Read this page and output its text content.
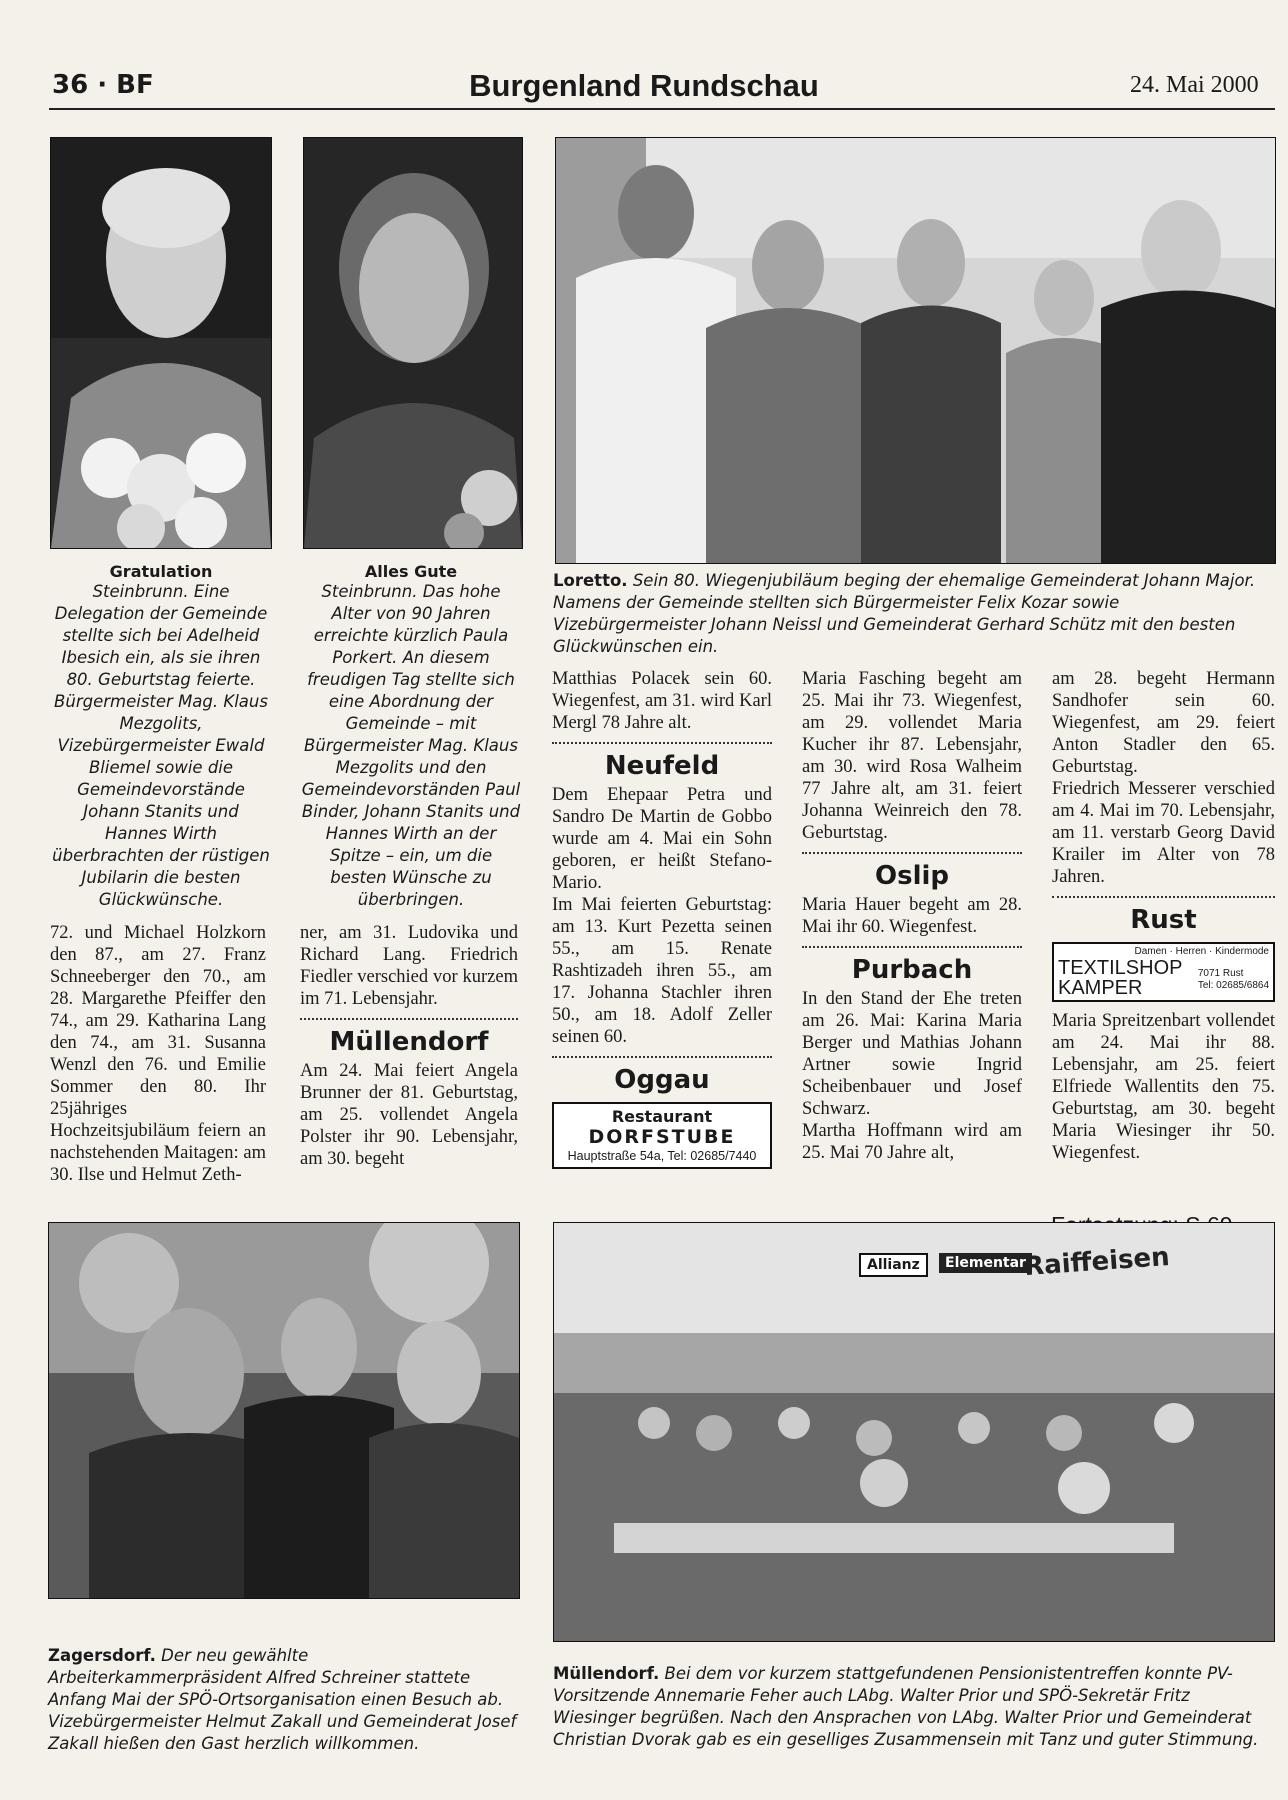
36 · BF	Burgenland Rundschau	24. Mai 2000
Gratulation
Steinbrunn. Eine Delegation der Gemeinde stellte sich bei Adelheid Ibesich ein, als sie ihren 80. Geburtstag feierte. Bürgermeister Mag. Klaus Mezgolits, Vizebürgermeister Ewald Bliemel sowie die Gemeindevorstände Johann Stanits und Hannes Wirth überbrachten der rüstigen Jubilarin die besten Glückwünsche.
Alles Gute
Steinbrunn. Das hohe Alter von 90 Jahren erreichte kürzlich Paula Porkert. An diesem freudigen Tag stellte sich eine Abordnung der Gemeinde – mit Bürgermeister Mag. Klaus Mezgolits und den Gemeindevorständen Paul Binder, Johann Stanits und Hannes Wirth an der Spitze – ein, um die besten Wünsche zu überbringen.
Loretto. Sein 80. Wiegenjubiläum beging der ehemalige Gemeinderat Johann Major. Namens der Gemeinde stellten sich Bürgermeister Felix Kozar sowie Vizebürgermeister Johann Neissl und Gemeinderat Gerhard Schütz mit den besten Glückwünschen ein.

72. und Michael Holzkorn den 87., am 27. Franz Schneeberger den 70., am 28. Margarethe Pfeiffer den 74., am 29. Katharina Lang den 74., am 31. Susanna Wenzl den 76. und Emilie Sommer den 80. Ihr 25jähriges Hochzeitsjubiläum feiern an nachstehenden Maitagen: am 30. Ilse und Helmut Zeth-

ner, am 31. Ludovika und Richard Lang. Friedrich Fiedler verschied vor kurzem im 71. Lebensjahr.

Müllendorf

Am 24. Mai feiert Angela Brunner der 81. Geburtstag, am 25. vollendet Angela Polster ihr 90. Lebensjahr, am 30. begeht

Matthias Polacek sein 60. Wiegenfest, am 31. wird Karl Mergl 78 Jahre alt.

Neufeld

Dem Ehepaar Petra und Sandro De Martin de Gobbo wurde am 4. Mai ein Sohn geboren, er heißt Stefano-Mario.

Im Mai feierten Geburtstag: am 13. Kurt Pezetta seinen 55., am 15. Renate Rashtizadeh ihren 55., am 17. Johanna Stachler ihren 50., am 18. Adolf Zeller seinen 60.

Oggau
Restaurant
DORFSTUBE
Hauptstraße 54a, Tel: 02685/7440

Maria Fasching begeht am 25. Mai ihr 73. Wiegenfest, am 29. vollendet Maria Kucher ihr 87. Lebensjahr, am 30. wird Rosa Walheim 77 Jahre alt, am 31. feiert Johanna Weinreich den 78. Geburtstag.

Oslip

Maria Hauer begeht am 28. Mai ihr 60. Wiegenfest.

Purbach

In den Stand der Ehe treten am 26. Mai: Karina Maria Berger und Mathias Johann Artner sowie Ingrid Scheibenbauer und Josef Schwarz.

Martha Hoffmann wird am 25. Mai 70 Jahre alt,

am 28. begeht Hermann Sandhofer sein 60. Wiegenfest, am 29. feiert Anton Stadler den 65. Geburtstag.

Friedrich Messerer verschied am 4. Mai im 70. Lebensjahr, am 11. verstarb Georg David Krailer im Alter von 78 Jahren.

Rust
Damen · Herren · Kindermode
TEXTILSHOP
KAMPER
7071 Rust
Tel: 02685/6864

Maria Spreitzenbart vollendet am 24. Mai ihr 88. Lebensjahr, am 25. feiert Elfriede Wallentits den 75. Geburtstag, am 30. begeht Maria Wiesinger ihr 50. Wiegenfest.

Allianz	Elementar
Raiffeisen
Zagersdorf. Der neu gewählte Arbeiterkammerpräsident Alfred Schreiner stattete Anfang Mai der SPÖ-Ortsorganisation einen Besuch ab. Vizebürgermeister Helmut Zakall und Gemeinderat Josef Zakall hießen den Gast herzlich willkommen.
Müllendorf. Bei dem vor kurzem stattgefundenen Pensionistentreffen konnte PV-Vorsitzende Annemarie Feher auch LAbg. Walter Prior und SPÖ-Sekretär Fritz Wiesinger begrüßen. Nach den Ansprachen von LAbg. Walter Prior und Gemeinderat Christian Dvorak gab es ein geselliges Zusammensein mit Tanz und guter Stimmung.
